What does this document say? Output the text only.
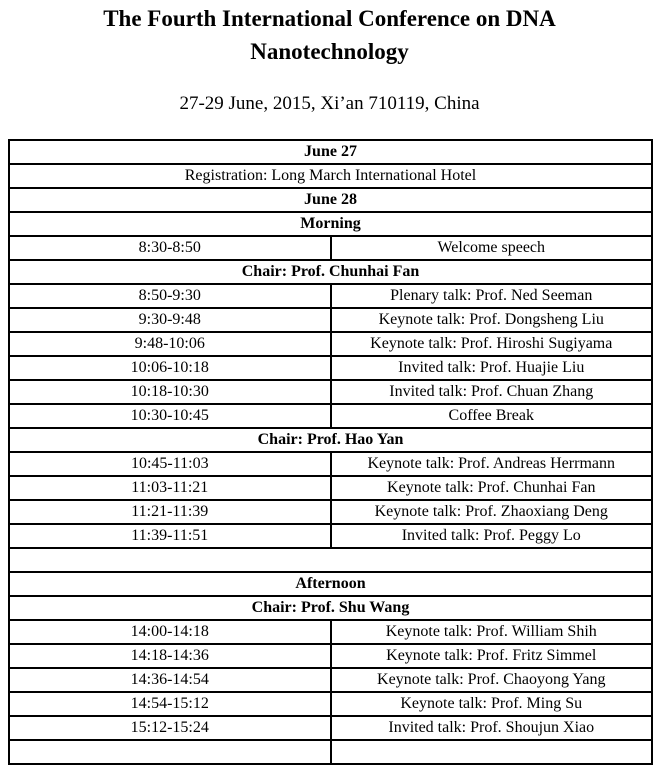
The Fourth International Conference on DNA Nanotechnology
27-29 June, 2015, Xi’an 710119, China
June 27	
Registration: Long March International Hotel	
June 28	
Morning	
8:30-8:50	Welcome speech
Chair: Prof. Chunhai Fan	
8:50-9:30	Plenary talk: Prof. Ned Seeman
9:30-9:48	Keynote talk: Prof. Dongsheng Liu
9:48-10:06	Keynote talk: Prof. Hiroshi Sugiyama
10:06-10:18	Invited talk: Prof. Huajie Liu
10:18-10:30	Invited talk: Prof. Chuan Zhang
10:30-10:45	Coffee Break
Chair: Prof. Hao Yan	
10:45-11:03	Keynote talk: Prof. Andreas Herrmann
11:03-11:21	Keynote talk: Prof. Chunhai Fan
11:21-11:39	Keynote talk: Prof. Zhaoxiang Deng
11:39-11:51	Invited talk: Prof. Peggy Lo

Afternoon	
Chair: Prof. Shu Wang	
14:00-14:18	Keynote talk: Prof. William Shih
14:18-14:36	Keynote talk: Prof. Fritz Simmel
14:36-14:54	Keynote talk: Prof. Chaoyong Yang
14:54-15:12	Keynote talk: Prof. Ming Su
15:12-15:24	Invited talk: Prof. Shoujun Xiao
